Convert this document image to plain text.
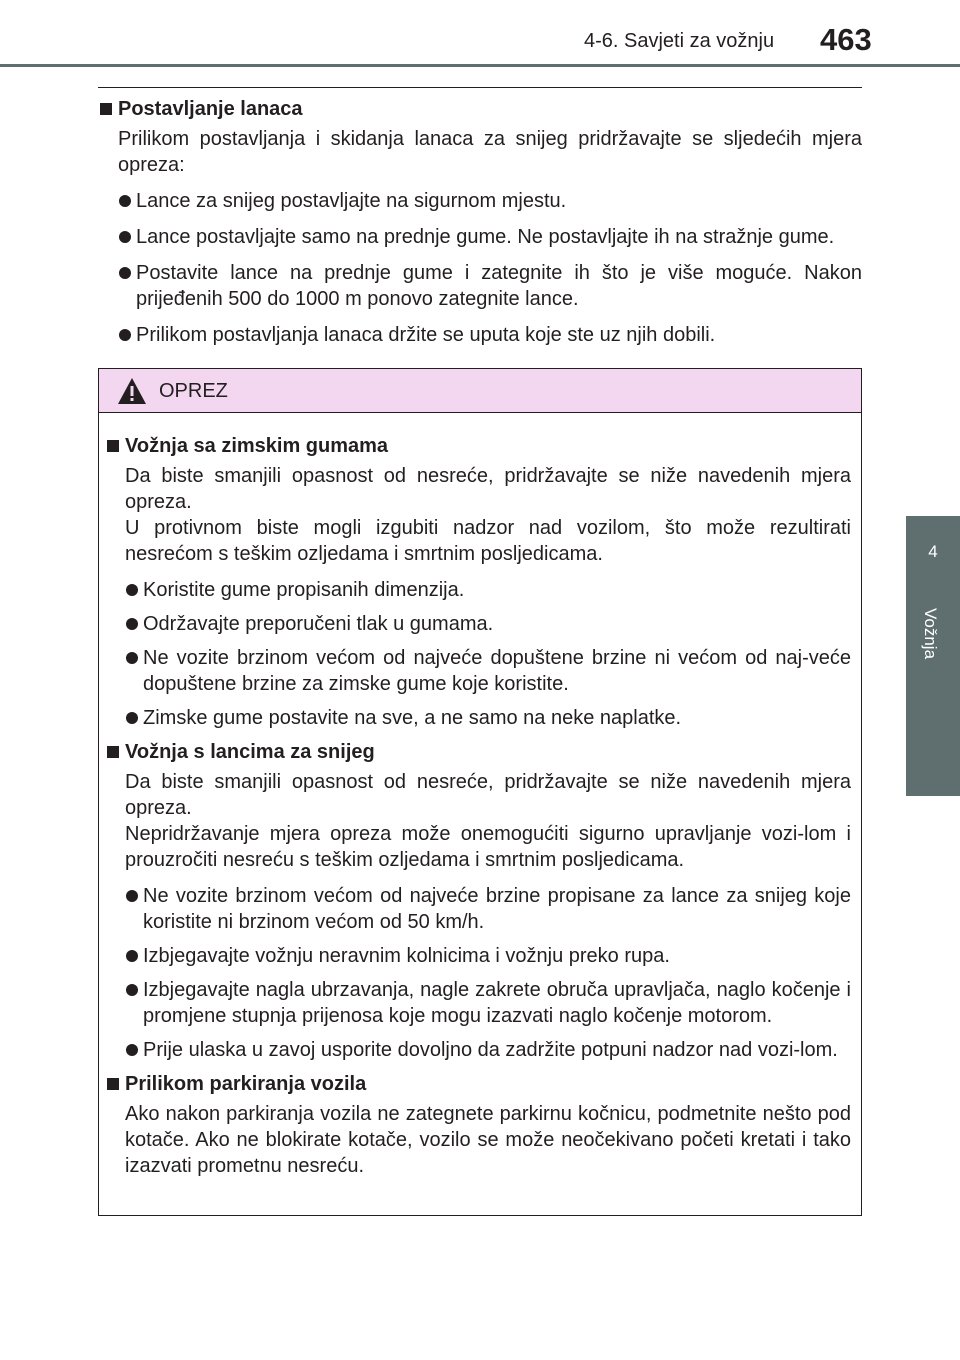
4-6. Savjeti za vožnju 463
4
Vožnja
Postavljanje lanaca
Prilikom postavljanja i skidanja lanaca za snijeg pridržavajte se sljedećih mjera opreza:
Lance za snijeg postavljajte na sigurnom mjestu.
Lance postavljajte samo na prednje gume. Ne postavljajte ih na stražnje gume.
Postavite lance na prednje gume i zategnite ih što je više moguće. Nakon prijeđenih 500 do 1000 m ponovo zategnite lance.
Prilikom postavljanja lanaca držite se uputa koje ste uz njih dobili.
OPREZ
Vožnja sa zimskim gumama
Da biste smanjili opasnost od nesreće, pridržavajte se niže navedenih mjera opreza.
U protivnom biste mogli izgubiti nadzor nad vozilom, što može rezultirati nesrećom s teškim ozljedama i smrtnim posljedicama.
Koristite gume propisanih dimenzija.
Održavajte preporučeni tlak u gumama.
Ne vozite brzinom većom od najveće dopuštene brzine ni većom od naj-veće dopuštene brzine za zimske gume koje koristite.
Zimske gume postavite na sve, a ne samo na neke naplatke.
Vožnja s lancima za snijeg
Da biste smanjili opasnost od nesreće, pridržavajte se niže navedenih mjera opreza.
Nepridržavanje mjera opreza može onemogućiti sigurno upravljanje vozi-lom i prouzročiti nesreću s teškim ozljedama i smrtnim posljedicama.
Ne vozite brzinom većom od najveće brzine propisane za lance za snijeg koje koristite ni brzinom većom od 50 km/h.
Izbjegavajte vožnju neravnim kolnicima i vožnju preko rupa.
Izbjegavajte nagla ubrzavanja, nagle zakrete obruča upravljača, naglo kočenje i promjene stupnja prijenosa koje mogu izazvati naglo kočenje motorom.
Prije ulaska u zavoj usporite dovoljno da zadržite potpuni nadzor nad vozi-lom.
Prilikom parkiranja vozila
Ako nakon parkiranja vozila ne zategnete parkirnu kočnicu, podmetnite nešto pod kotače. Ako ne blokirate kotače, vozilo se može neočekivano početi kretati i tako izazvati prometnu nesreću.
